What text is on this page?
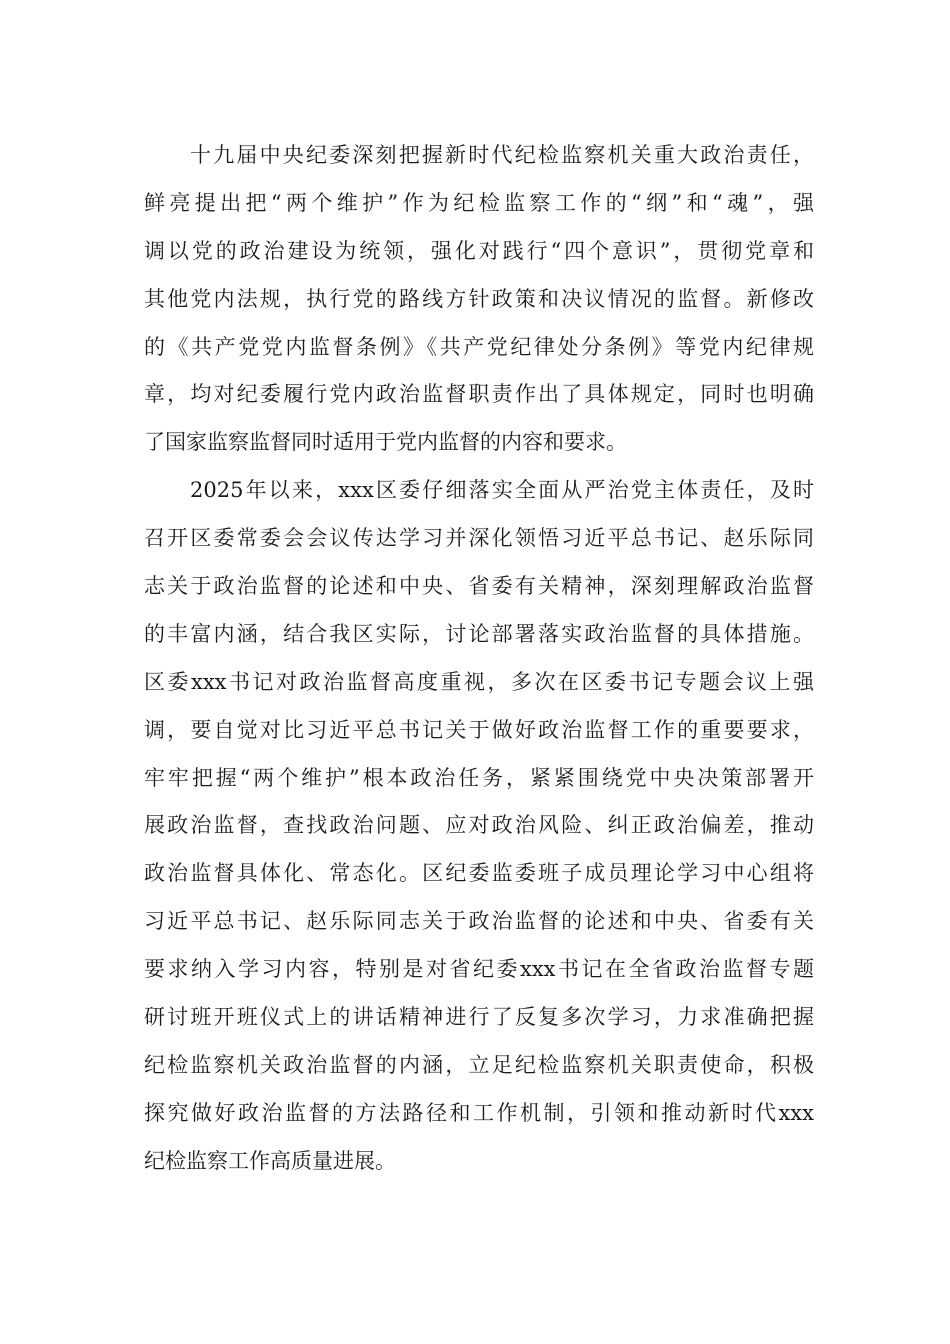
十九届中央纪委深刻把握新时代纪检监察机关重大政治责任，
鲜亮提出把“两个维护”作为纪检监察工作的“纲”和“魂”，强
调以党的政治建设为统领，强化对践行“四个意识”，贯彻党章和
其他党内法规，执行党的路线方针政策和决议情况的监督。新修改
的《共产党党内监督条例》《共产党纪律处分条例》等党内纪律规
章，均对纪委履行党内政治监督职责作出了具体规定，同时也明确
了国家监察监督同时适用于党内监督的内容和要求。
2025年以来，xxx区委仔细落实全面从严治党主体责任，及时
召开区委常委会会议传达学习并深化领悟习近平总书记、赵乐际同
志关于政治监督的论述和中央、省委有关精神，深刻理解政治监督
的丰富内涵，结合我区实际，讨论部署落实政治监督的具体措施。
区委xxx书记对政治监督高度重视，多次在区委书记专题会议上强
调，要自觉对比习近平总书记关于做好政治监督工作的重要要求，
牢牢把握“两个维护”根本政治任务，紧紧围绕党中央决策部署开
展政治监督，查找政治问题、应对政治风险、纠正政治偏差，推动
政治监督具体化、常态化。区纪委监委班子成员理论学习中心组将
习近平总书记、赵乐际同志关于政治监督的论述和中央、省委有关
要求纳入学习内容，特别是对省纪委xxx书记在全省政治监督专题
研讨班开班仪式上的讲话精神进行了反复多次学习，力求准确把握
纪检监察机关政治监督的内涵，立足纪检监察机关职责使命，积极
探究做好政治监督的方法路径和工作机制，引领和推动新时代xxx
纪检监察工作高质量进展。
